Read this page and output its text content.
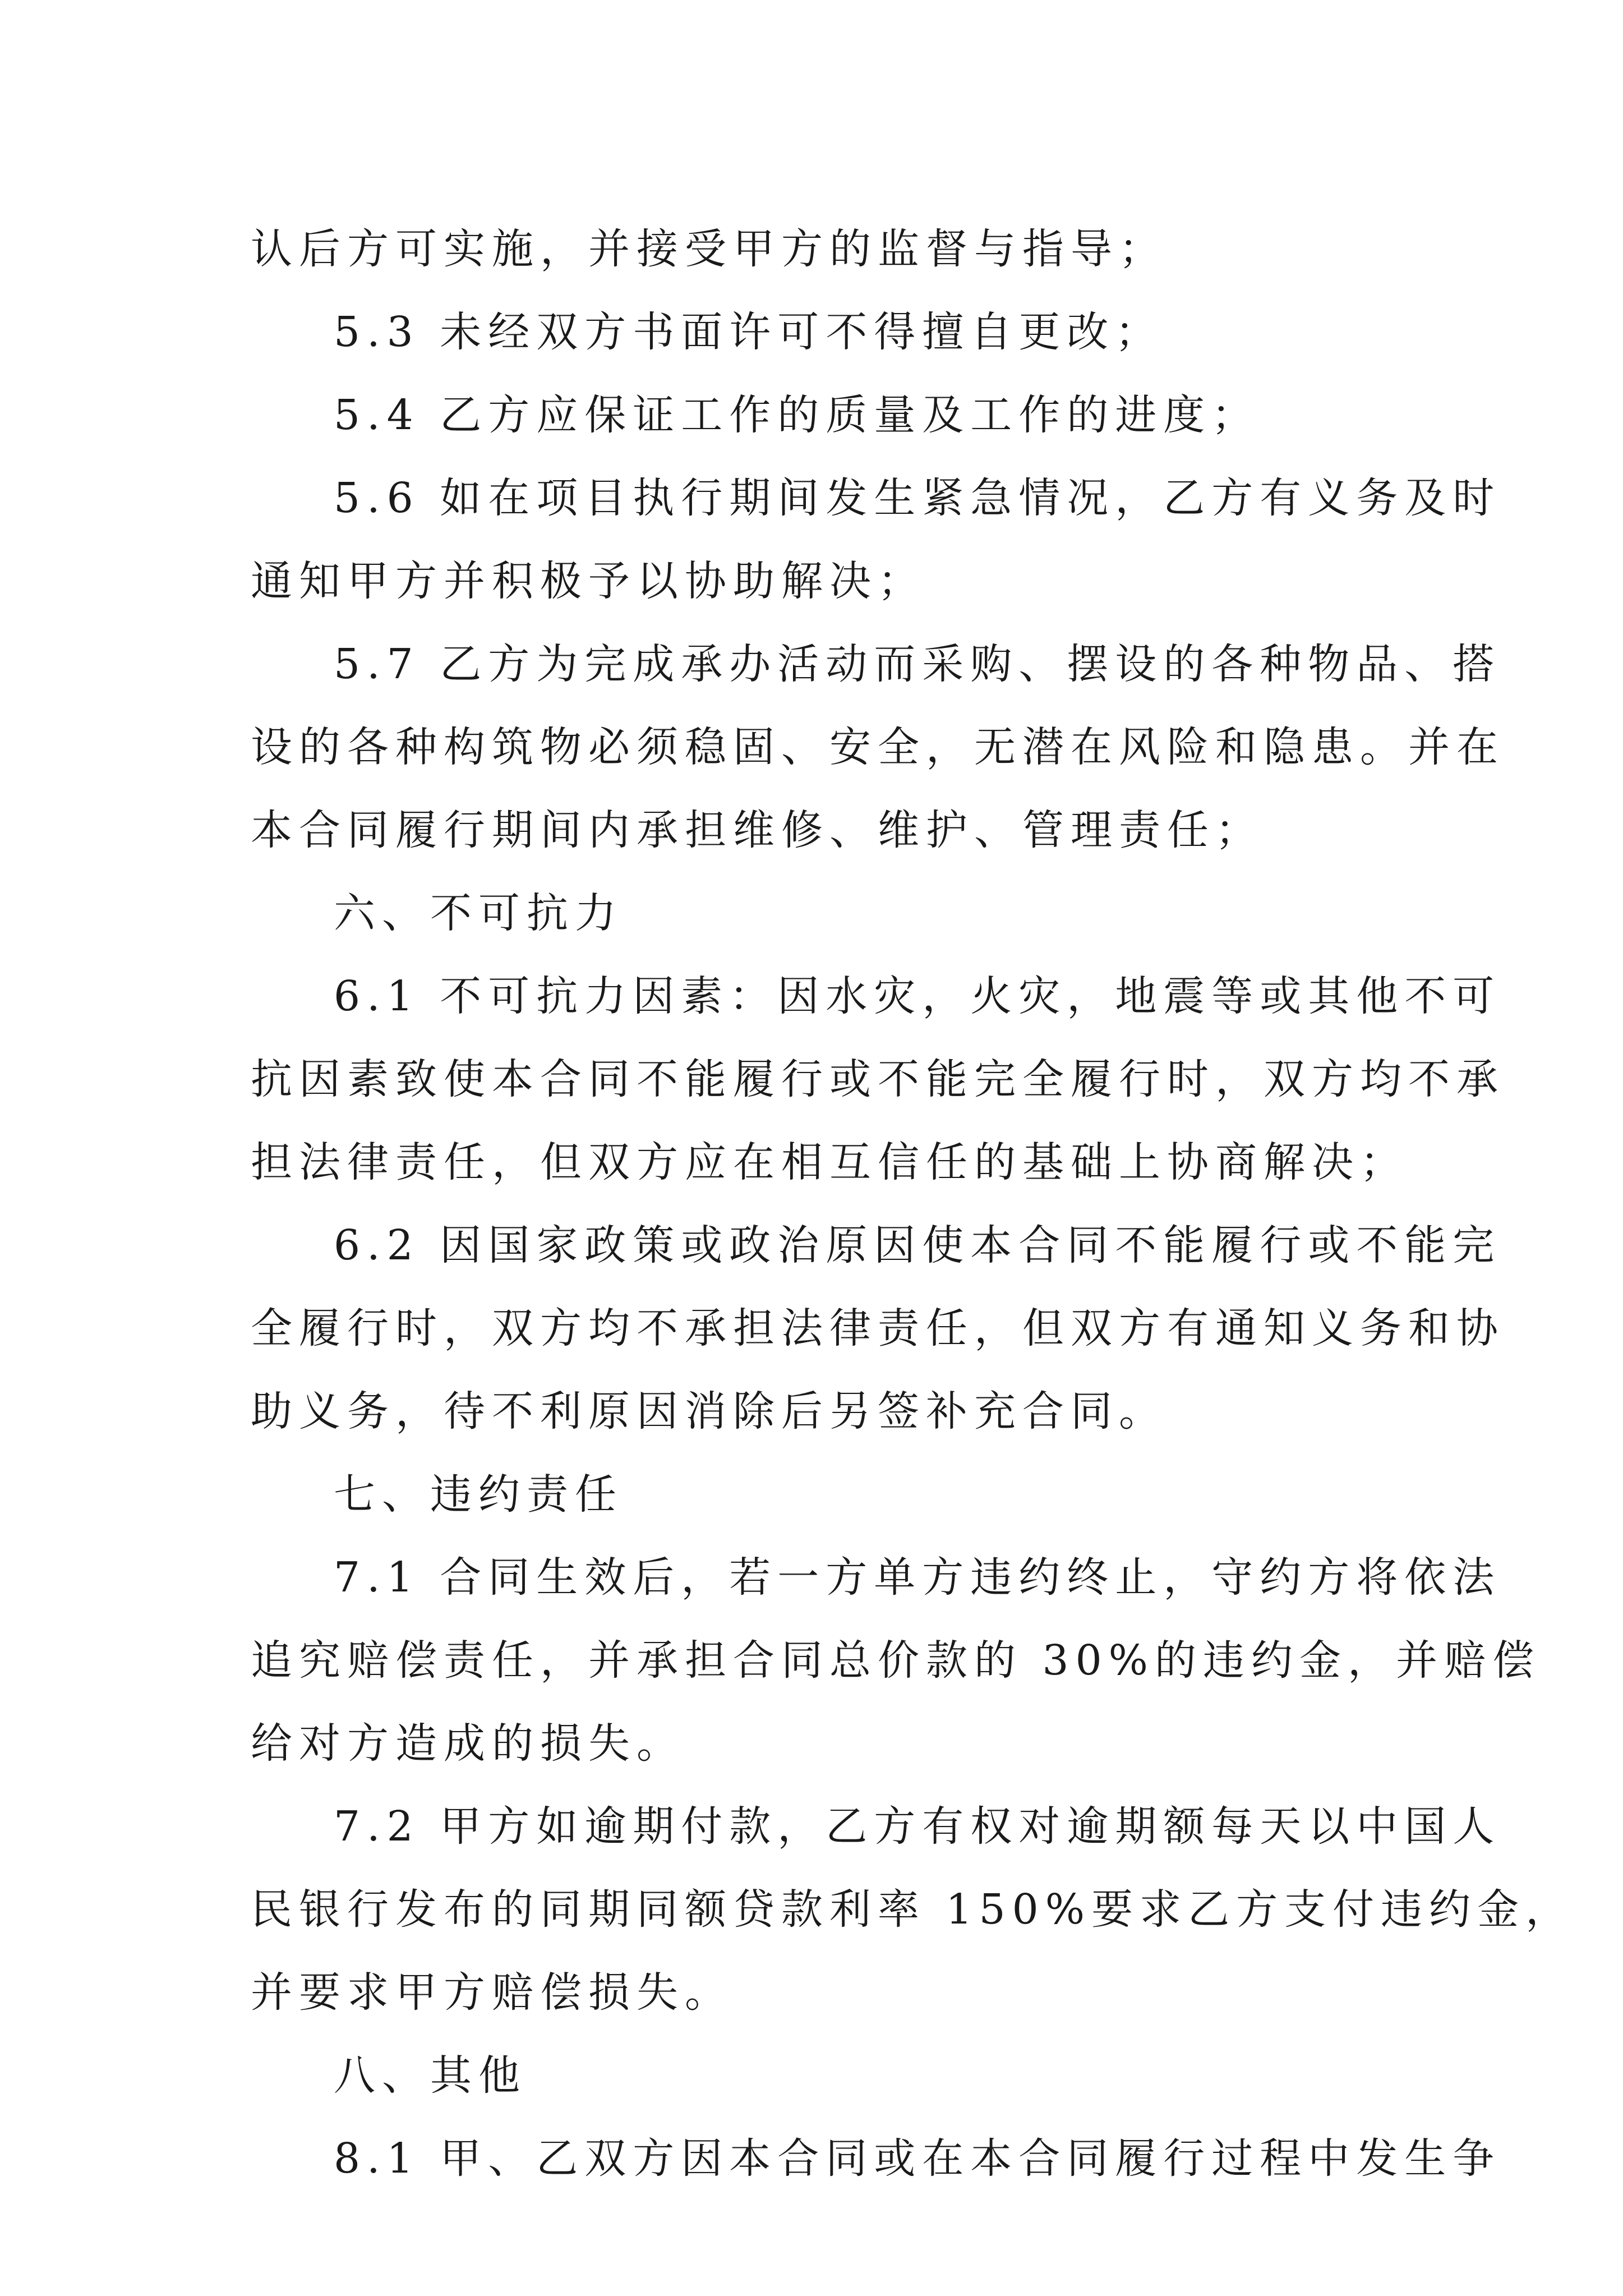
认后方可实施，并接受甲方的监督与指导；
5.3 未经双方书面许可不得擅自更改；
5.4 乙方应保证工作的质量及工作的进度；
5.6 如在项目执行期间发生紧急情况，乙方有义务及时
通知甲方并积极予以协助解决；
5.7 乙方为完成承办活动而采购、摆设的各种物品、搭
设的各种构筑物必须稳固、安全，无潜在风险和隐患。并在
本合同履行期间内承担维修、维护、管理责任；
六、不可抗力
6.1 不可抗力因素：因水灾，火灾，地震等或其他不可
抗因素致使本合同不能履行或不能完全履行时，双方均不承
担法律责任，但双方应在相互信任的基础上协商解决；
6.2 因国家政策或政治原因使本合同不能履行或不能完
全履行时，双方均不承担法律责任，但双方有通知义务和协
助义务，待不利原因消除后另签补充合同。
七、违约责任
7.1 合同生效后，若一方单方违约终止，守约方将依法
追究赔偿责任，并承担合同总价款的 30%的违约金，并赔偿
给对方造成的损失。
7.2 甲方如逾期付款，乙方有权对逾期额每天以中国人
民银行发布的同期同额贷款利率 150%要求乙方支付违约金，
并要求甲方赔偿损失。
八、其他
8.1 甲、乙双方因本合同或在本合同履行过程中发生争
